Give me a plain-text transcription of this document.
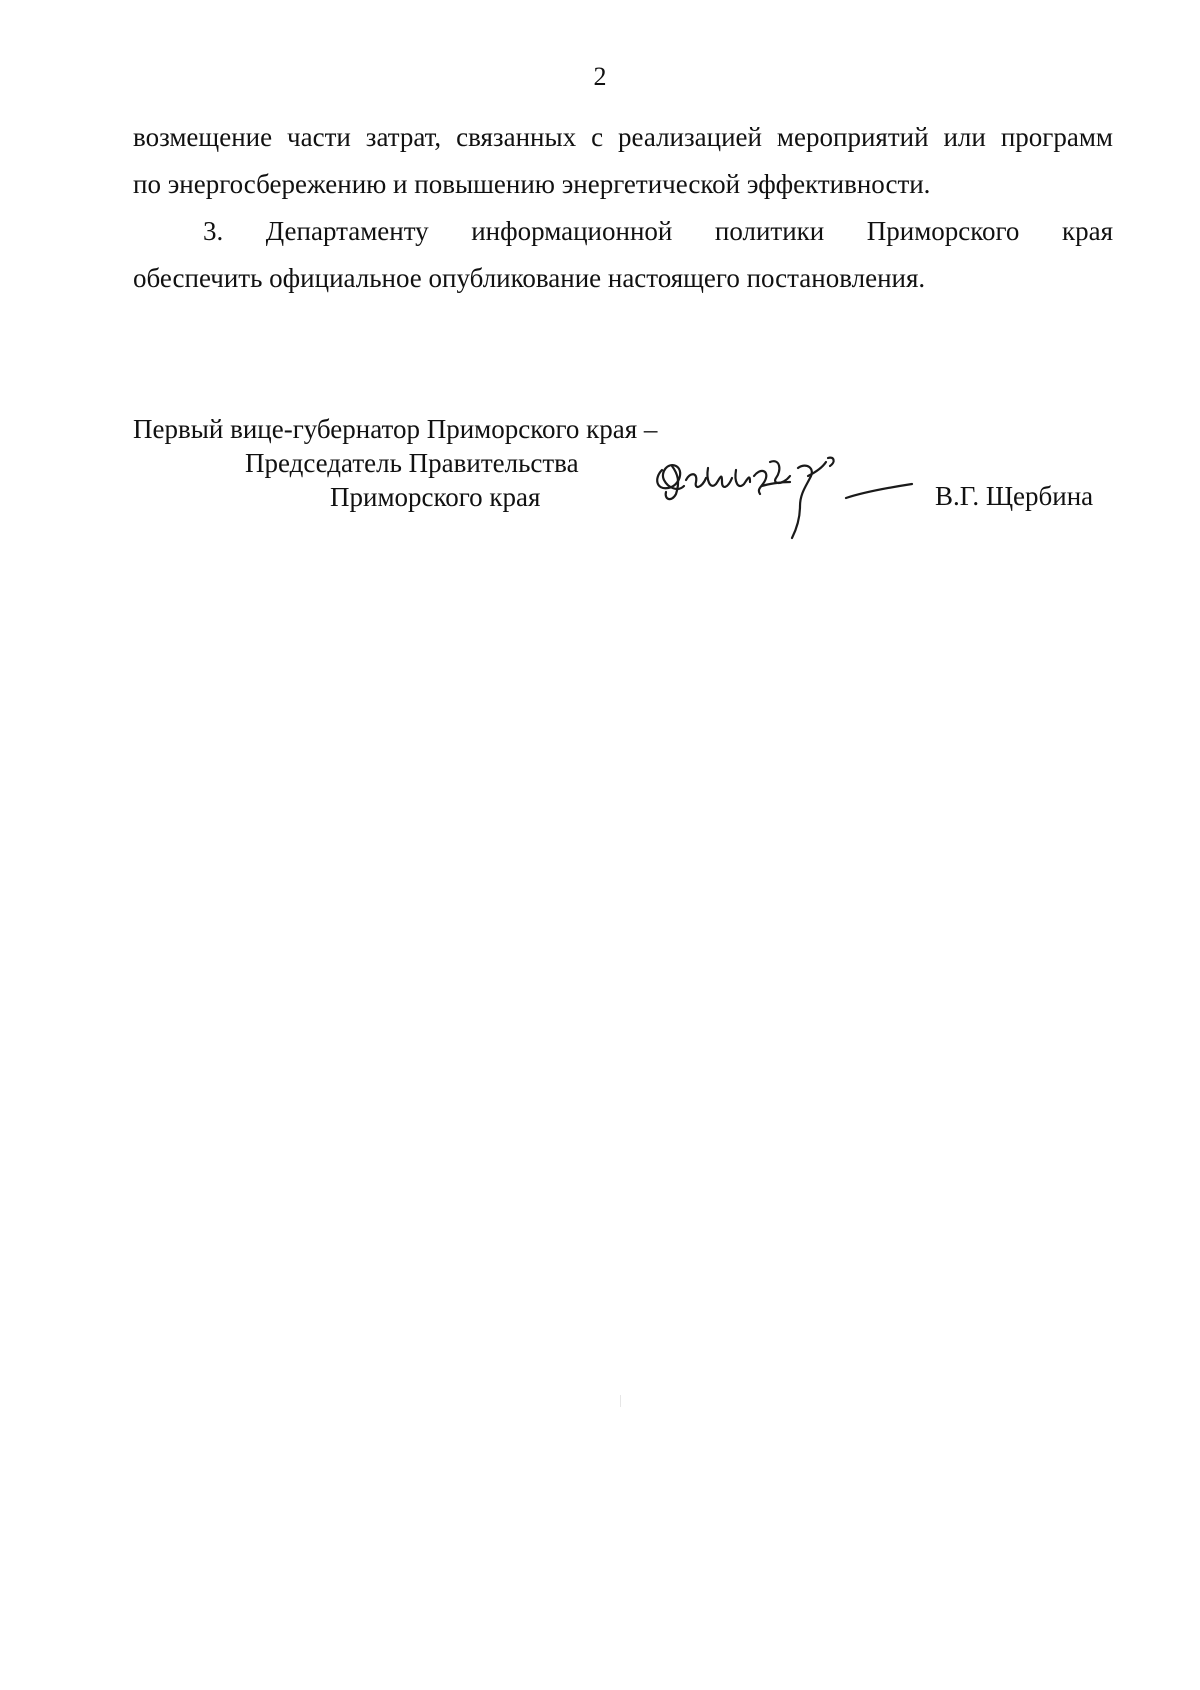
2
возмещение части затрат, связанных с реализацией мероприятий или программ
по энергосбережению и повышению энергетической эффективности.
3. Департаменту информационной политики Приморского края
обеспечить официальное опубликование настоящего постановления.
Первый вице-губернатор Приморского края –
Председатель Правительства
Приморского края	В.Г. Щербина
